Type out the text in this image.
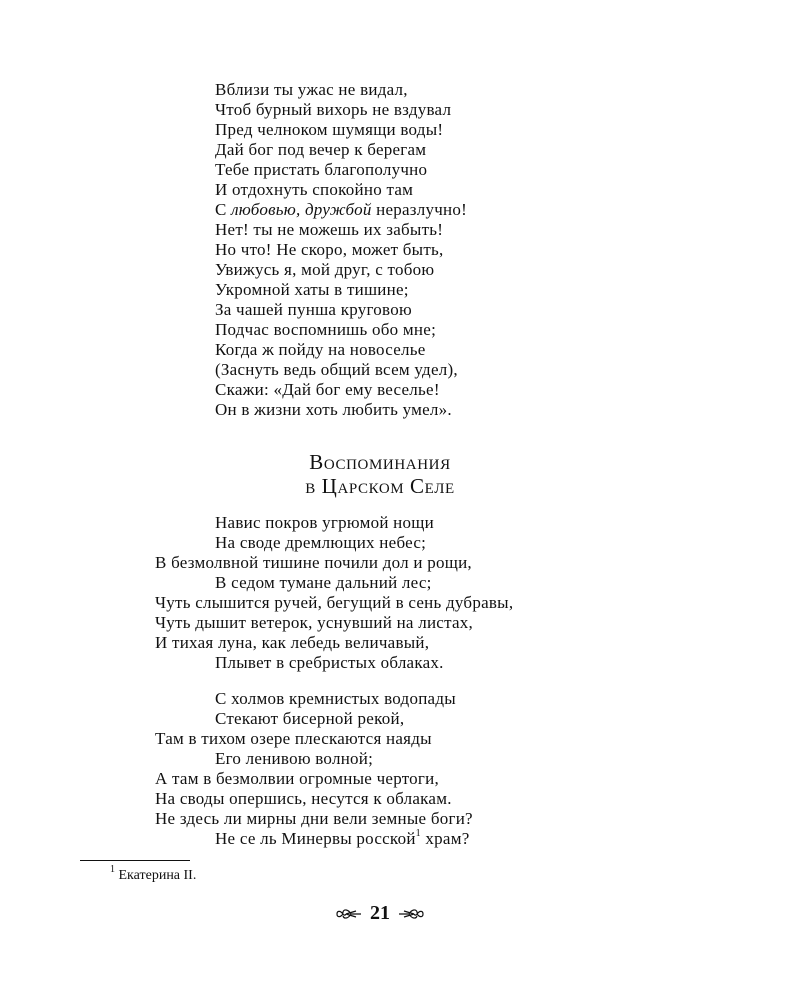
Вблизи ты ужас не видал,
Чтоб бурный вихорь не вздувал
Пред челноком шумящи воды!
Дай бог под вечер к берегам
Тебе пристать благополучно
И отдохнуть спокойно там
С любовью, дружбой неразлучно!
Нет! ты не можешь их забыть!
Но что! Не скоро, может быть,
Увижусь я, мой друг, с тобою
Укромной хаты в тишине;
За чашей пунша круговою
Подчас воспомнишь обо мне;
Когда ж пойду на новоселье
(Заснуть ведь общий всем удел),
Скажи: «Дай бог ему веселье!
Он в жизни хоть любить умел».
Воспоминания
в Царском Селе
Навис покров угрюмой нощи
На своде дремлющих небес;
В безмолвной тишине почили дол и рощи,
В седом тумане дальний лес;
Чуть слышится ручей, бегущий в сень дубравы,
Чуть дышит ветерок, уснувший на листах,
И тихая луна, как лебедь величавый,
Плывет в сребристых облаках.
С холмов кремнистых водопады
Стекают бисерной рекой,
Там в тихом озере плескаются наяды
Его ленивою волной;
А там в безмолвии огромные чертоги,
На своды опершись, несутся к облакам.
Не здесь ли мирны дни вели земные боги?
Не се ль Минервы росской$^1$ храм?
$^1$ Екатерина II.
21
